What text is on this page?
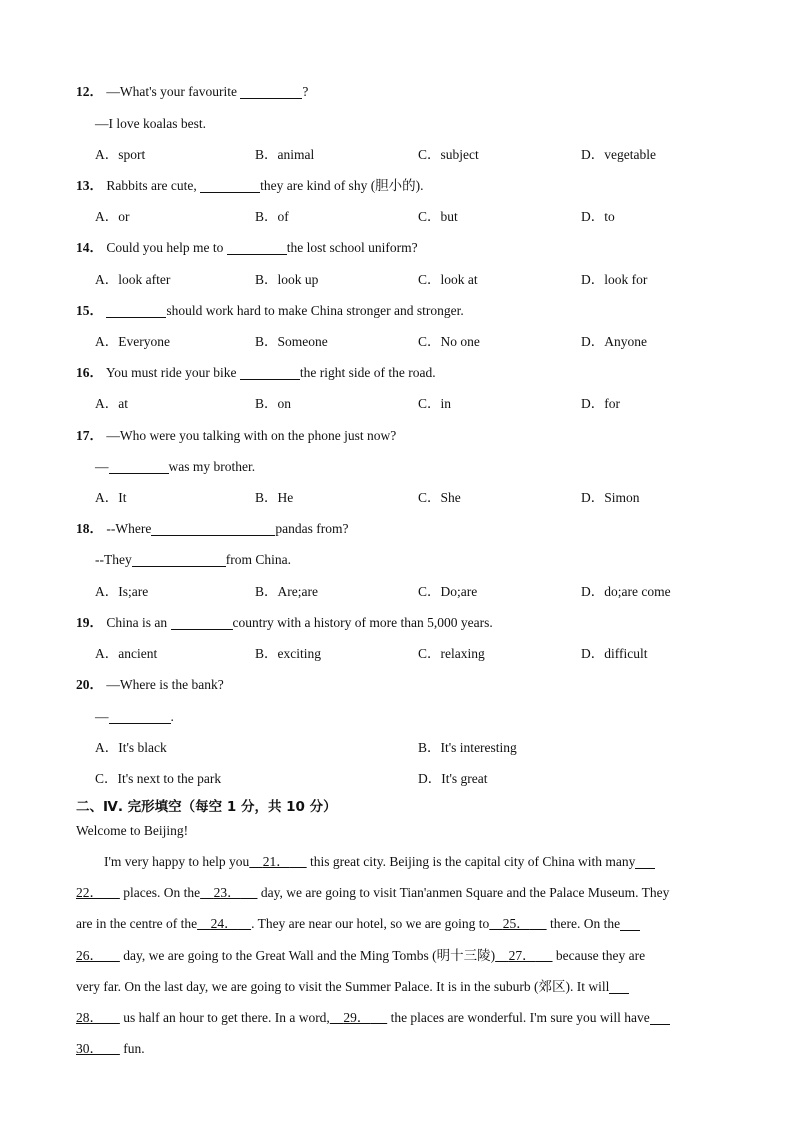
12． —What's your favourite	?
—I love koalas best.
A．sport	B．animal	C．subject	D．vegetable
13． Rabbits are cute,	they are kind of shy (胆小的).
A．or	B．of	C．but	D．to
14． Could you help me to	the lost school uniform?
A．look after	B．look up	C．look at	D．look for
15．	should work hard to make China stronger and stronger.
A．Everyone	B．Someone	C．No one	D．Anyone
16． You must ride your bike	the right side of the road.
A．at	B．on	C．in	D．for
17． —Who were you talking with on the phone just now?
—	was my brother.
A．It	B．He	C．She	D．Simon
18． --Where	pandas from?
--They	from China.
A．Is;are	B．Are;are	C．Do;are	D．do;are come
19． China is an	country with a history of more than 5,000 years.
A．ancient	B．exciting	C．relaxing	D．difficult
20． —Where is the bank?
—	.
A．It's black	B．It's interesting
C．It's next to the park	D．It's great
二、Ⅳ. 完形填空（每空 1 分，共 10 分）
Welcome to Beijing!
I'm very happy to help you 21． this great city. Beijing is the capital city of China with many
22． places. On the 23． day, we are going to visit Tian'anmen Square and the Palace Museum. They
are in the centre of the 24． . They are near our hotel, so we are going to 25． there. On the
26． day, we are going to the Great Wall and the Ming Tombs (明十三陵) 27． because they are
very far. On the last day, we are going to visit the Summer Palace. It is in the suburb (郊区). It will
28． us half an hour to get there. In a word, 29． the places are wonderful. I'm sure you will have
30． fun.
